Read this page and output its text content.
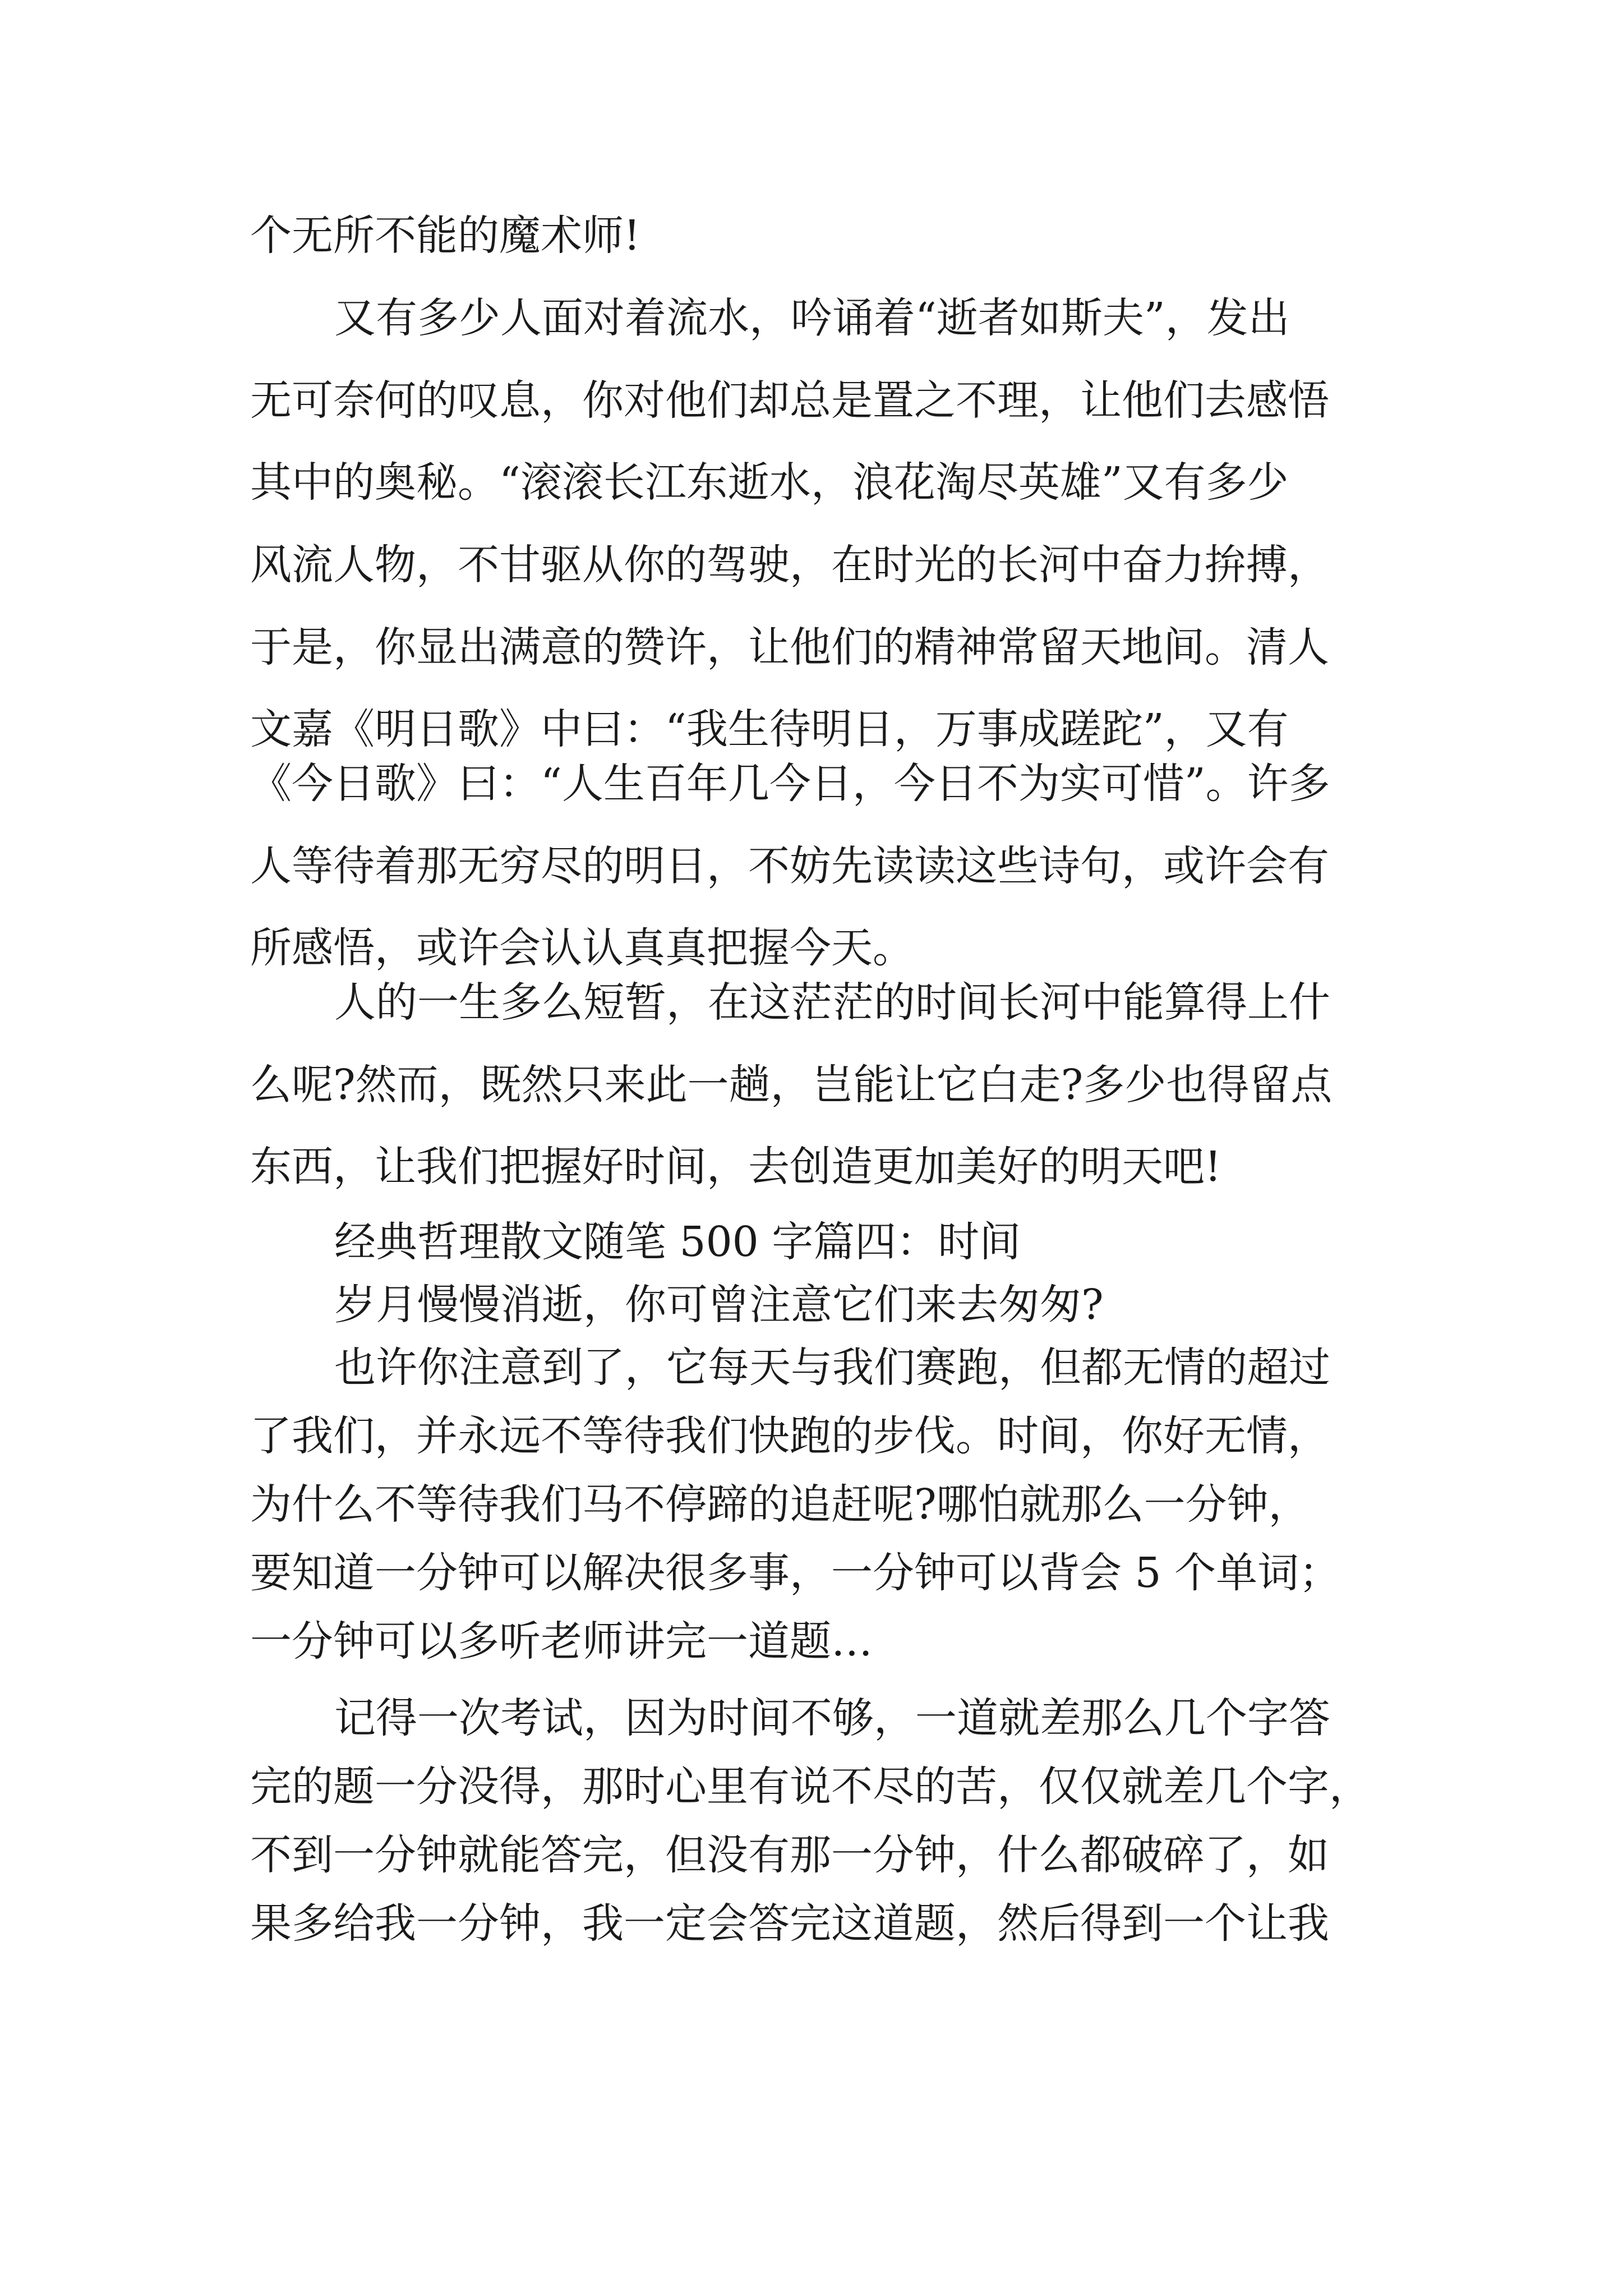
个无所不能的魔术师!
又有多少人面对着流水，吟诵着“逝者如斯夫”，发出
无可奈何的叹息，你对他们却总是置之不理，让他们去感悟
其中的奥秘。“滚滚长江东逝水，浪花淘尽英雄”又有多少
风流人物，不甘驱从你的驾驶，在时光的长河中奋力拚搏，
于是，你显出满意的赞许，让他们的精神常留天地间。清人
文嘉《明日歌》中曰：“我生待明日，万事成蹉跎”，又有
《今日歌》曰：“人生百年几今日，今日不为实可惜”。许多
人等待着那无穷尽的明日，不妨先读读这些诗句，或许会有
所感悟，或许会认认真真把握今天。
人的一生多么短暂，在这茫茫的时间长河中能算得上什
么呢?然而，既然只来此一趟，岂能让它白走?多少也得留点
东西，让我们把握好时间，去创造更加美好的明天吧!
经典哲理散文随笔 500 字篇四：时间
岁月慢慢消逝，你可曾注意它们来去匆匆?
也许你注意到了，它每天与我们赛跑，但都无情的超过
了我们，并永远不等待我们快跑的步伐。时间，你好无情，
为什么不等待我们马不停蹄的追赶呢?哪怕就那么一分钟，
要知道一分钟可以解决很多事，一分钟可以背会 5 个单词；
一分钟可以多听老师讲完一道题…
记得一次考试，因为时间不够，一道就差那么几个字答
完的题一分没得，那时心里有说不尽的苦，仅仅就差几个字，
不到一分钟就能答完，但没有那一分钟，什么都破碎了，如
果多给我一分钟，我一定会答完这道题，然后得到一个让我
